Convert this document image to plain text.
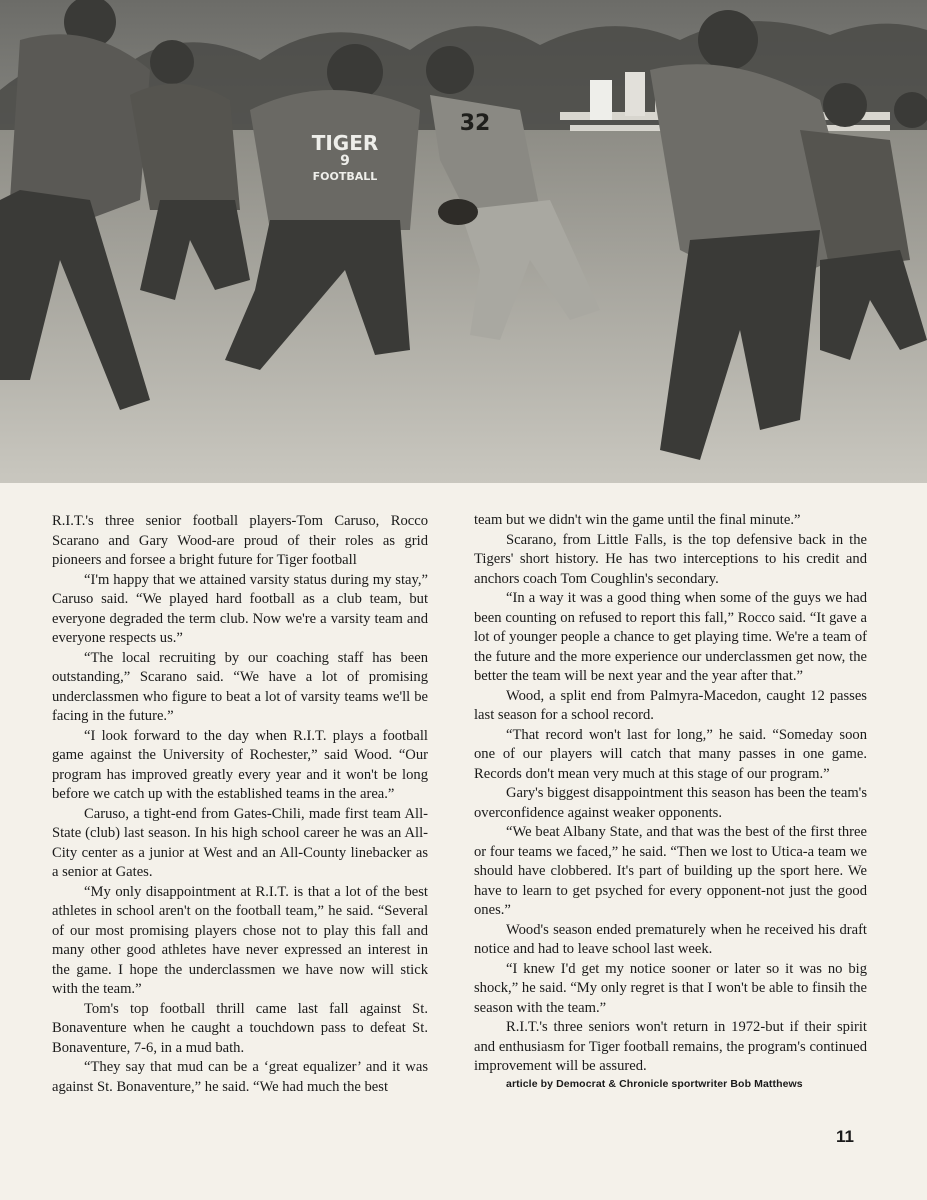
TIGER
9
FOOTBALL
32

R.I.T.'s three senior football players-Tom Caruso, Rocco Scarano and Gary Wood-are proud of their roles as grid pioneers and forsee a bright future for Tiger football

“I'm happy that we attained varsity status during my stay,” Caruso said. “We played hard football as a club team, but everyone degraded the term club. Now we're a varsity team and everyone respects us.”

“The local recruiting by our coaching staff has been outstanding,” Scarano said. “We have a lot of promising underclassmen who figure to beat a lot of varsity teams we'll be facing in the future.”

“I look forward to the day when R.I.T. plays a football game against the University of Rochester,” said Wood. “Our program has improved greatly every year and it won't be long before we catch up with the established teams in the area.”

Caruso, a tight-end from Gates-Chili, made first team All-State (club) last season. In his high school career he was an All-City center as a junior at West and an All-County linebacker as a senior at Gates.

“My only disappointment at R.I.T. is that a lot of the best athletes in school aren't on the football team,” he said. “Several of our most promising players chose not to play this fall and many other good athletes have never expressed an interest in the game. I hope the underclassmen we have now will stick with the team.”

Tom's top football thrill came last fall against St. Bonaventure when he caught a touchdown pass to defeat St. Bonaventure, 7-6, in a mud bath.

“They say that mud can be a ‘great equalizer’ and it was against St. Bonaventure,” he said. “We had much the best

team but we didn't win the game until the final minute.”

Scarano, from Little Falls, is the top defensive back in the Tigers' short history. He has two interceptions to his credit and anchors coach Tom Coughlin's secondary.

“In a way it was a good thing when some of the guys we had been counting on refused to report this fall,” Rocco said. “It gave a lot of younger people a chance to get playing time. We're a team of the future and the more experience our underclassmen get now, the better the team will be next year and the year after that.”

Wood, a split end from Palmyra-Macedon, caught 12 passes last season for a school record.

“That record won't last for long,” he said. “Someday soon one of our players will catch that many passes in one game. Records don't mean very much at this stage of our program.”

Gary's biggest disappointment this season has been the team's overconfidence against weaker opponents.

“We beat Albany State, and that was the best of the first three or four teams we faced,” he said. “Then we lost to Utica-a team we should have clobbered. It's part of building up the sport here. We have to learn to get psyched for every opponent-not just the good ones.”

Wood's season ended prematurely when he received his draft notice and had to leave school last week.

“I knew I'd get my notice sooner or later so it was no big shock,” he said. “My only regret is that I won't be able to finsih the season with the team.”

R.I.T.'s three seniors won't return in 1972-but if their spirit and enthusiasm for Tiger football remains, the program's continued improvement will be assured.

article by Democrat & Chronicle sportwriter Bob Matthews

11
